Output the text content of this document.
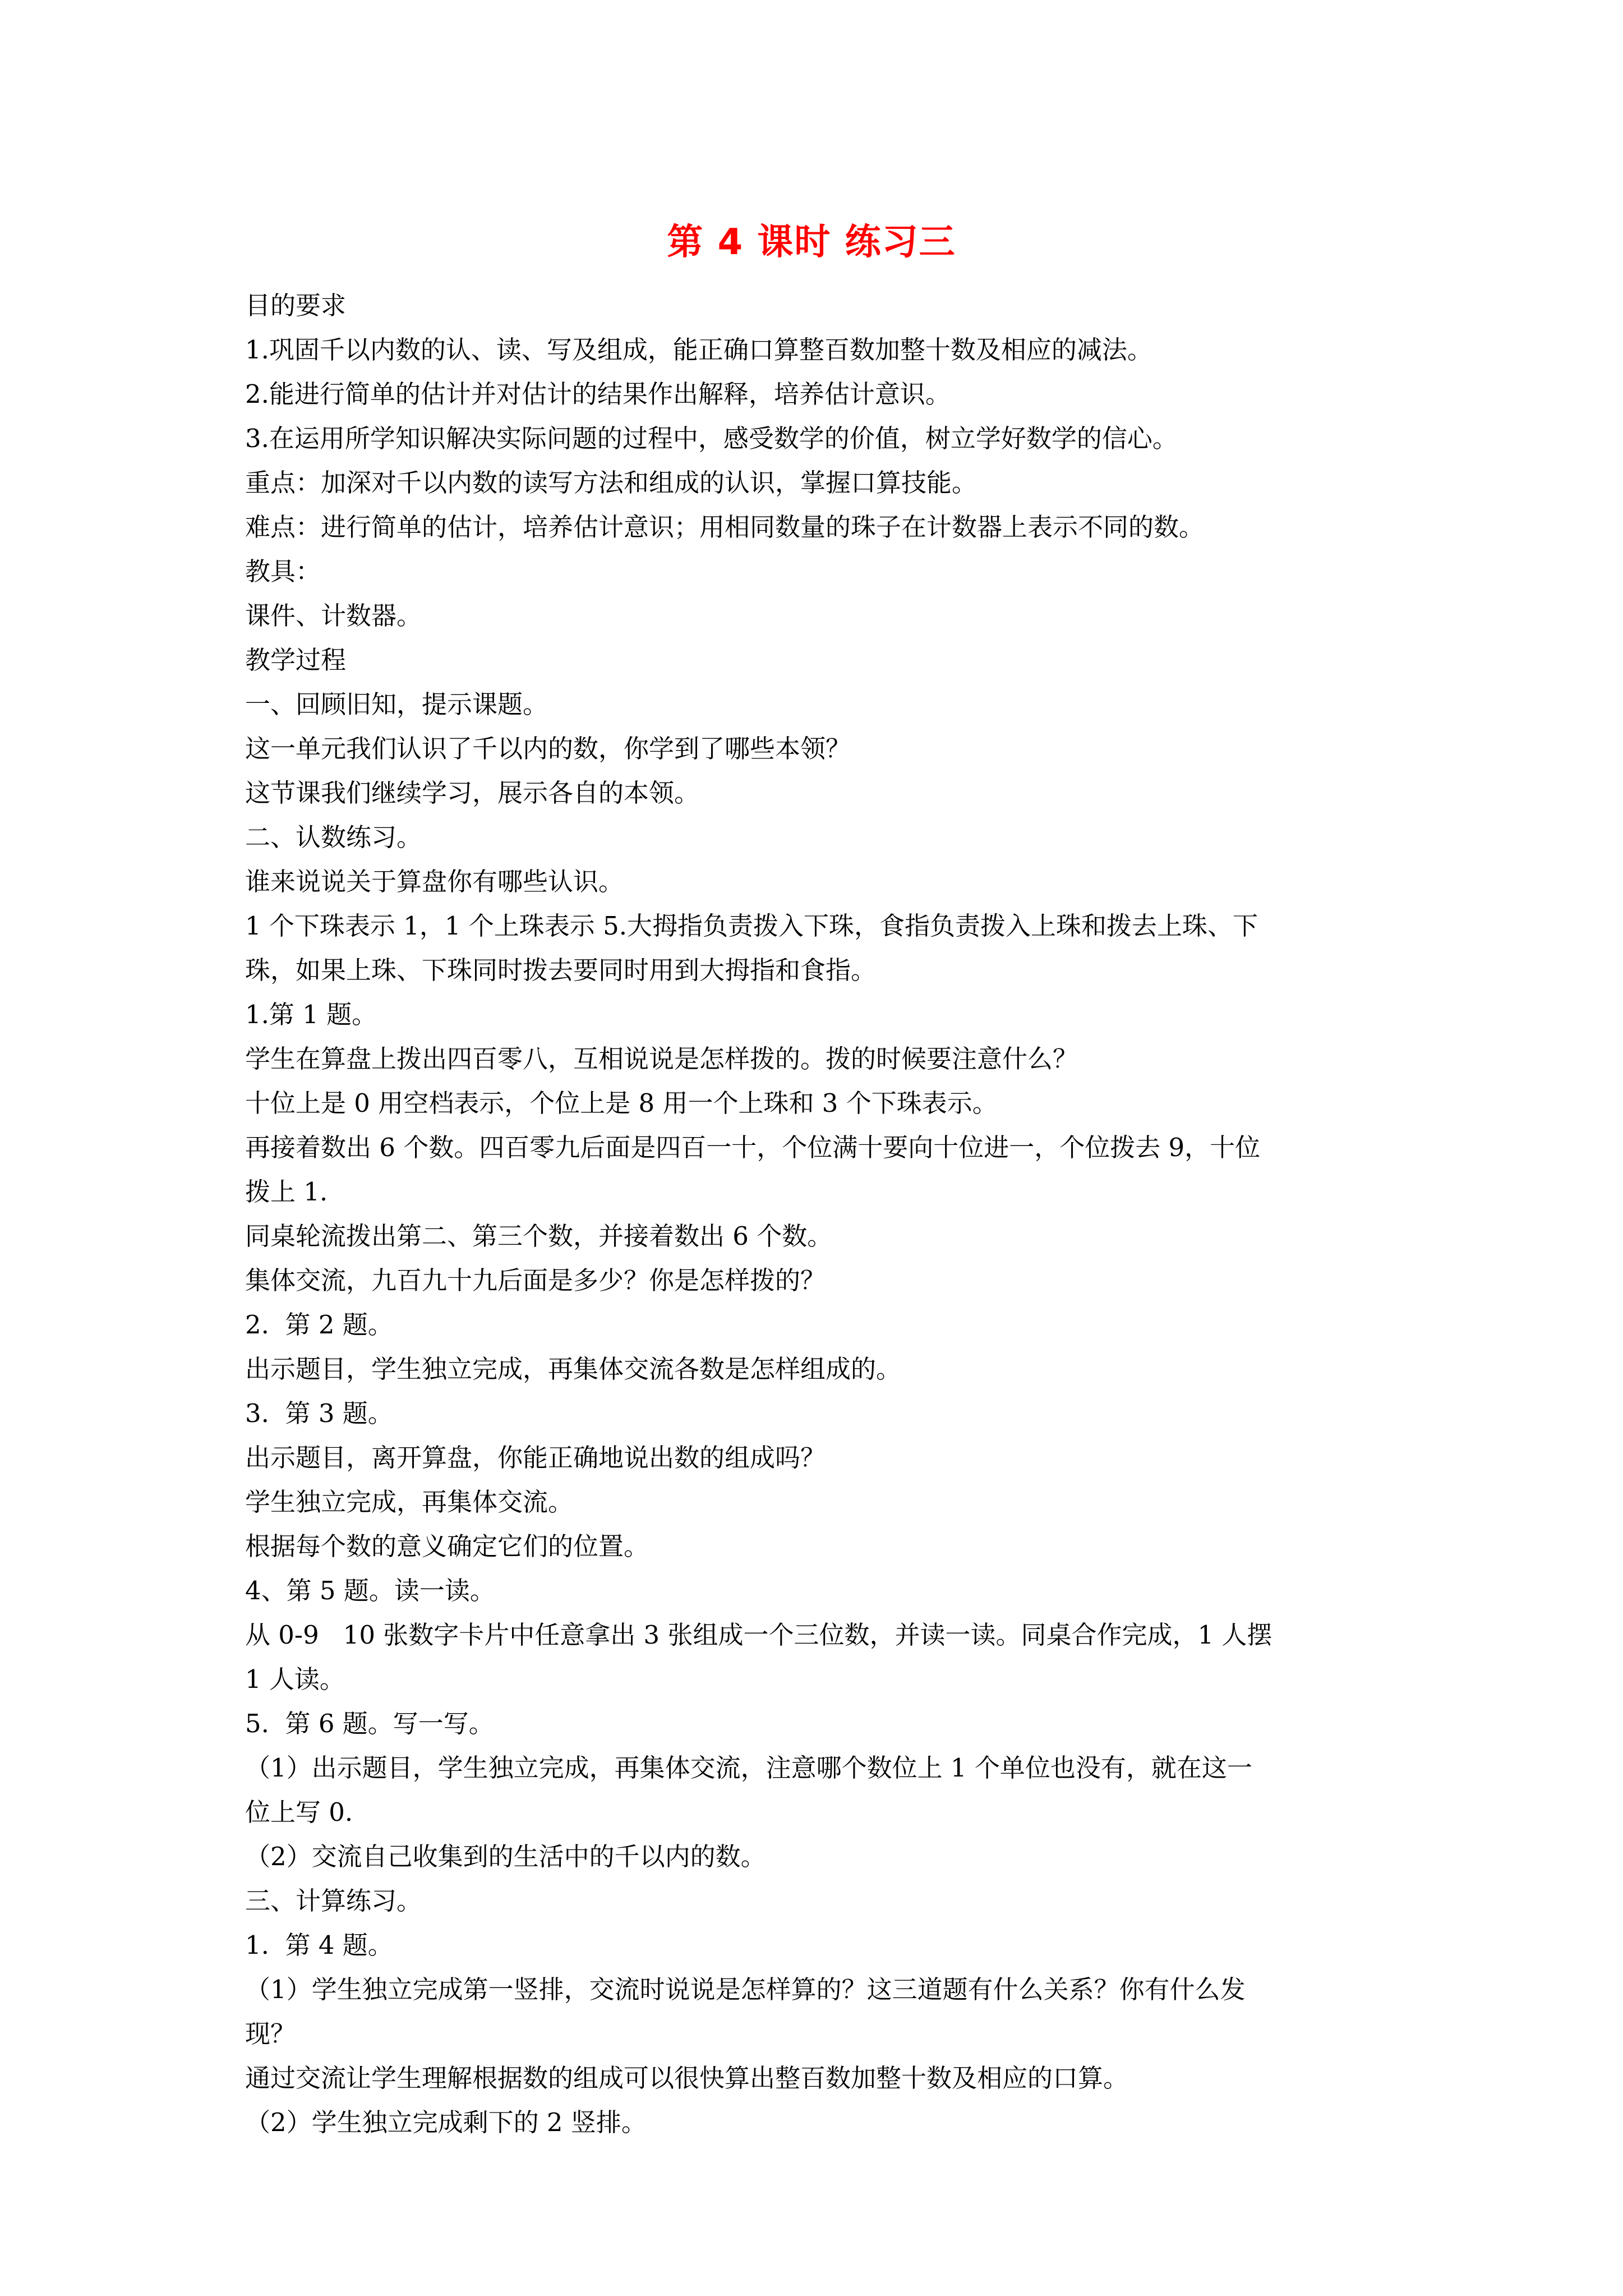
第 4 课时 练习三

目的要求

1.巩固千以内数的认、读、写及组成，能正确口算整百数加整十数及相应的减法。

2.能进行简单的估计并对估计的结果作出解释，培养估计意识。

3.在运用所学知识解决实际问题的过程中，感受数学的价值，树立学好数学的信心。

重点：加深对千以内数的读写方法和组成的认识，掌握口算技能。

难点：进行简单的估计，培养估计意识；用相同数量的珠子在计数器上表示不同的数。

教具：

课件、计数器。

教学过程

一、回顾旧知，提示课题。

这一单元我们认识了千以内的数，你学到了哪些本领？

这节课我们继续学习，展示各自的本领。

二、认数练习。

谁来说说关于算盘你有哪些认识。

1 个下珠表示 1，1 个上珠表示 5.大拇指负责拨入下珠，食指负责拨入上珠和拨去上珠、下

珠，如果上珠、下珠同时拨去要同时用到大拇指和食指。

1.第 1 题。

学生在算盘上拨出四百零八，互相说说是怎样拨的。拨的时候要注意什么？

十位上是 0 用空档表示，个位上是 8 用一个上珠和 3 个下珠表示。

再接着数出 6 个数。四百零九后面是四百一十，个位满十要向十位进一，个位拨去 9，十位

拨上 1.

同桌轮流拨出第二、第三个数，并接着数出 6 个数。

集体交流，九百九十九后面是多少？你是怎样拨的？

2.  第 2 题。

出示题目，学生独立完成，再集体交流各数是怎样组成的。

3.  第 3 题。

出示题目，离开算盘，你能正确地说出数的组成吗？

学生独立完成，再集体交流。

根据每个数的意义确定它们的位置。

4、第 5 题。读一读。

从 0-9   10 张数字卡片中任意拿出 3 张组成一个三位数，并读一读。同桌合作完成，1 人摆

1 人读。

5.  第 6 题。写一写。

（1）出示题目，学生独立完成，再集体交流，注意哪个数位上 1 个单位也没有，就在这一

位上写 0.

（2）交流自己收集到的生活中的千以内的数。

三、计算练习。

1.  第 4 题。

（1）学生独立完成第一竖排，交流时说说是怎样算的？这三道题有什么关系？你有什么发

现？

通过交流让学生理解根据数的组成可以很快算出整百数加整十数及相应的口算。

（2）学生独立完成剩下的 2 竖排。
